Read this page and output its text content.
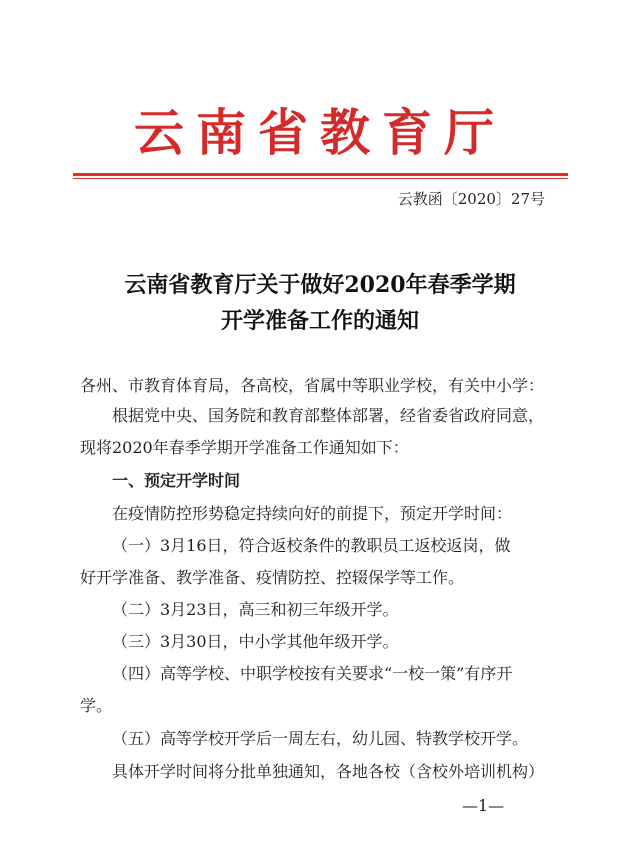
云南省教育厅
云教函〔2020〕27号
云南省教育厅关于做好2020年春季学期
开学准备工作的通知
各州、市教育体育局，各高校，省属中等职业学校，有关中小学：
根据党中央、国务院和教育部整体部署，经省委省政府同意，
现将2020年春季学期开学准备工作通知如下：
一、预定开学时间
在疫情防控形势稳定持续向好的前提下，预定开学时间：
（一）3月16日，符合返校条件的教职员工返校返岗，做
好开学准备、教学准备、疫情防控、控辍保学等工作。
（二）3月23日，高三和初三年级开学。
（三）3月30日，中小学其他年级开学。
（四）高等学校、中职学校按有关要求“一校一策”有序开
学。
（五）高等学校开学后一周左右，幼儿园、特教学校开学。
具体开学时间将分批单独通知，各地各校（含校外培训机构）
—1—
